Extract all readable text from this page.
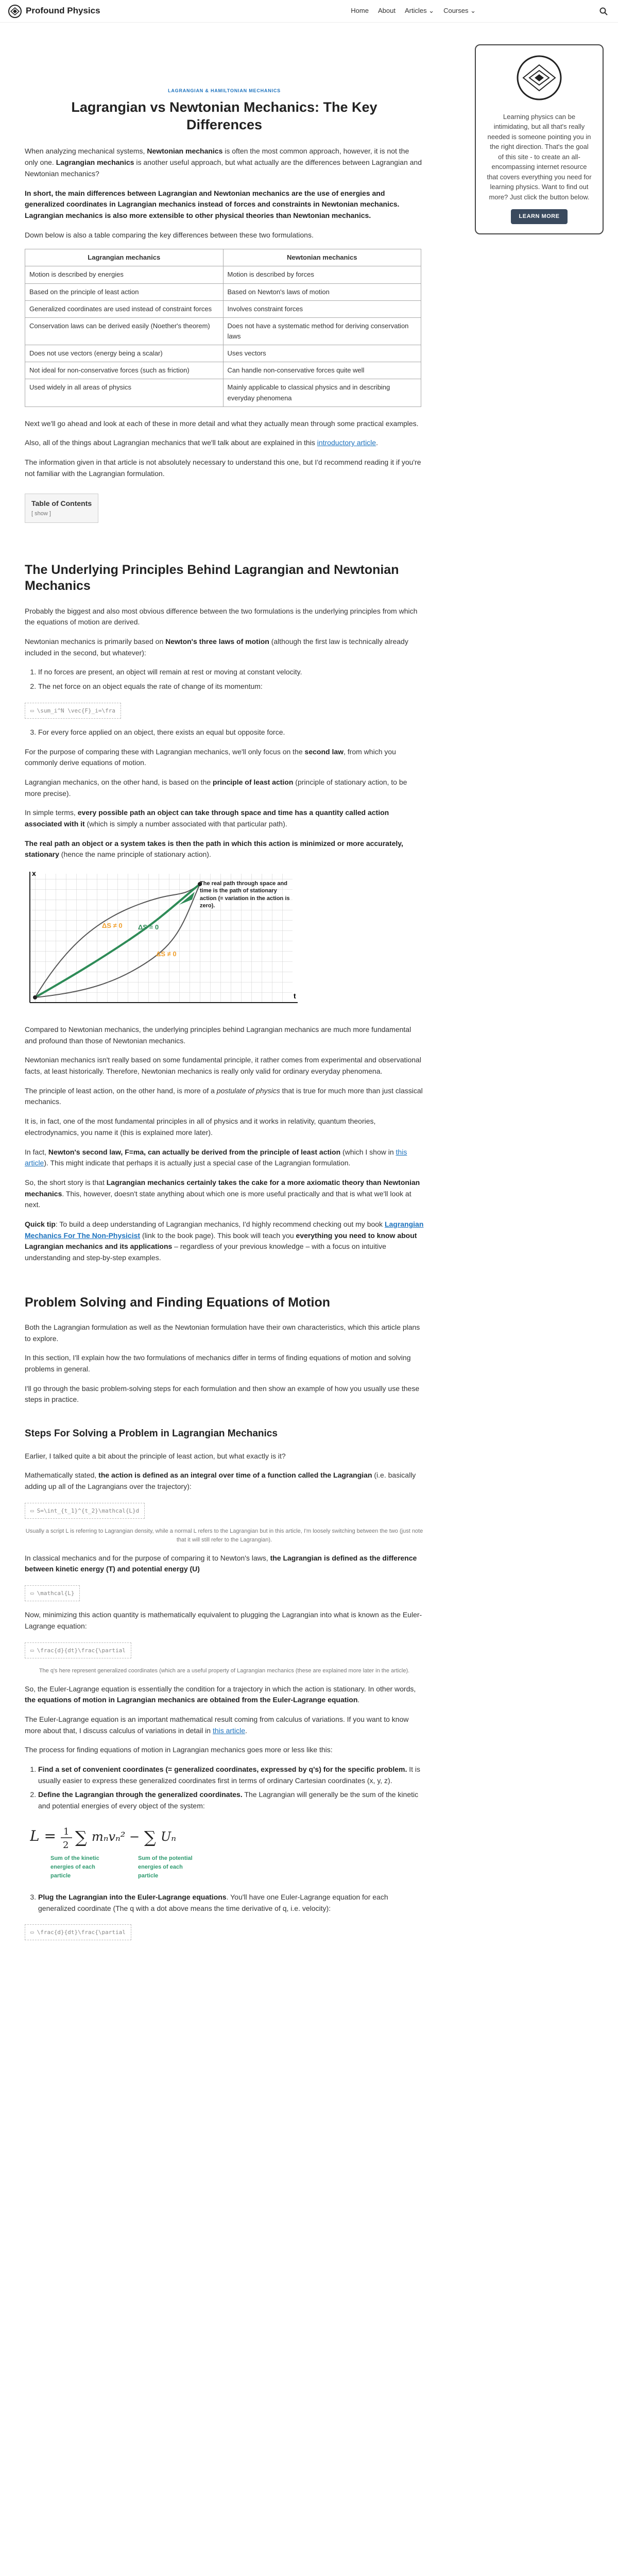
Profound Physics	Home About Articles ⌄ Courses ⌄

Learning physics can be intimidating, but all that's really needed is someone pointing you in the right direction. That's the goal of this site - to create an all-encompassing internet resource that covers everything you need for learning physics. Want to find out more? Just click the button below.

LEARN MORE
LAGRANGIAN & HAMILTONIAN MECHANICS
Lagrangian vs Newtonian Mechanics: The Key Differences

When analyzing mechanical systems, Newtonian mechanics is often the most common approach, however, it is not the only one. Lagrangian mechanics is another useful approach, but what actually are the differences between Lagrangian and Newtonian mechanics?

In short, the main differences between Lagrangian and Newtonian mechanics are the use of energies and generalized coordinates in Lagrangian mechanics instead of forces and constraints in Newtonian mechanics. Lagrangian mechanics is also more extensible to other physical theories than Newtonian mechanics.

Down below is also a table comparing the key differences between these two formulations.

Lagrangian mechanics	Newtonian mechanics
Motion is described by energies	Motion is described by forces
Based on the principle of least action	Based on Newton's laws of motion
Generalized coordinates are used instead of constraint forces	Involves constraint forces
Conservation laws can be derived easily (Noether's theorem)	Does not have a systematic method for deriving conservation laws
Does not use vectors (energy being a scalar)	Uses vectors
Not ideal for non-conservative forces (such as friction)	Can handle non-conservative forces quite well
Used widely in all areas of physics	Mainly applicable to classical physics and in describing everyday phenomena

Next we'll go ahead and look at each of these in more detail and what they actually mean through some practical examples.

Also, all of the things about Lagrangian mechanics that we'll talk about are explained in this introductory article.

The information given in that article is not absolutely necessary to understand this one, but I'd recommend reading it if you're not familiar with the Lagrangian formulation.

Table of Contents
[ show ]
The Underlying Principles Behind Lagrangian and Newtonian Mechanics

Probably the biggest and also most obvious difference between the two formulations is the underlying principles from which the equations of motion are derived.

Newtonian mechanics is primarily based on Newton's three laws of motion (although the first law is technically already included in the second, but whatever):

1. If no forces are present, an object will remain at rest or moving at constant velocity.
2. The net force on an object equals the rate of change of its momentum:
▭ \sum_i^N \vec{F}_i=\fra
3. For every force applied on an object, there exists an equal but opposite force.

For the purpose of comparing these with Lagrangian mechanics, we'll only focus on the second law, from which you commonly derive equations of motion.

Lagrangian mechanics, on the other hand, is based on the principle of least action (principle of stationary action, to be more precise).

In simple terms, every possible path an object can take through space and time has a quantity called action associated with it (which is simply a number associated with that particular path).

The real path an object or a system takes is then the path in which this action is minimized or more accurately, stationary (hence the name principle of stationary action).

x
t
ΔS ≠ 0
ΔS ≠ 0
ΔS = 0
The real path through space and time is the path of stationary action (= variation in the action is zero).

Compared to Newtonian mechanics, the underlying principles behind Lagrangian mechanics are much more fundamental and profound than those of Newtonian mechanics.

Newtonian mechanics isn't really based on some fundamental principle, it rather comes from experimental and observational facts, at least historically. Therefore, Newtonian mechanics is really only valid for ordinary everyday phenomena.

The principle of least action, on the other hand, is more of a postulate of physics that is true for much more than just classical mechanics.

It is, in fact, one of the most fundamental principles in all of physics and it works in relativity, quantum theories, electrodynamics, you name it (this is explained more later).

In fact, Newton's second law, F=ma, can actually be derived from the principle of least action (which I show in this article). This might indicate that perhaps it is actually just a special case of the Lagrangian formulation.

So, the short story is that Lagrangian mechanics certainly takes the cake for a more axiomatic theory than Newtonian mechanics. This, however, doesn't state anything about which one is more useful practically and that is what we'll look at next.

Quick tip: To build a deep understanding of Lagrangian mechanics, I'd highly recommend checking out my book Lagrangian Mechanics For The Non-Physicist (link to the book page). This book will teach you everything you need to know about Lagrangian mechanics and its applications – regardless of your previous knowledge – with a focus on intuitive understanding and step-by-step examples.

Problem Solving and Finding Equations of Motion

Both the Lagrangian formulation as well as the Newtonian formulation have their own characteristics, which this article plans to explore.

In this section, I'll explain how the two formulations of mechanics differ in terms of finding equations of motion and solving problems in general.

I'll go through the basic problem-solving steps for each formulation and then show an example of how you usually use these steps in practice.

Steps For Solving a Problem in Lagrangian Mechanics

Earlier, I talked quite a bit about the principle of least action, but what exactly is it?

Mathematically stated, the action is defined as an integral over time of a function called the Lagrangian (i.e. basically adding up all of the Lagrangians over the trajectory):

▭ S=\int_{t_1}^{t_2}\mathcal{L}d

Usually a script L is referring to Lagrangian density, while a normal L refers to the Lagrangian but in this article, I'm loosely switching between the two (just note that it will still refer to the Lagrangian).

In classical mechanics and for the purpose of comparing it to Newton's laws, the Lagrangian is defined as the difference between kinetic energy (T) and potential energy (U)

▭ \mathcal{L}

Now, minimizing this action quantity is mathematically equivalent to plugging the Lagrangian into what is known as the Euler-Lagrange equation:

▭ \frac{d}{dt}\frac{\partial

The q's here represent generalized coordinates (which are a useful property of Lagrangian mechanics (these are explained more later in the article).

So, the Euler-Lagrange equation is essentially the condition for a trajectory in which the action is stationary. In other words, the equations of motion in Lagrangian mechanics are obtained from the Euler-Lagrange equation.

The Euler-Lagrange equation is an important mathematical result coming from calculus of variations. If you want to know more about that, I discuss calculus of variations in detail in this article.

The process for finding equations of motion in Lagrangian mechanics goes more or less like this:

1. Find a set of convenient coordinates (= generalized coordinates, expressed by q's) for the specific problem. It is usually easier to express these generalized coordinates first in terms of ordinary Cartesian coordinates (x, y, z).
2. Define the Lagrangian through the generalized coordinates. The Lagrangian will generally be the sum of the kinetic and potential energies of every object of the system:
L = 1
2 ∑ mₙvₙ² − ∑ Uₙ
Sum of the kinetic energies of each particle
Sum of the potential energies of each particle
3. Plug the Lagrangian into the Euler-Lagrange equations. You'll have one Euler-Lagrange equation for each generalized coordinate (The q with a dot above means the time derivative of q, i.e. velocity):
▭ \frac{d}{dt}\frac{\partial
